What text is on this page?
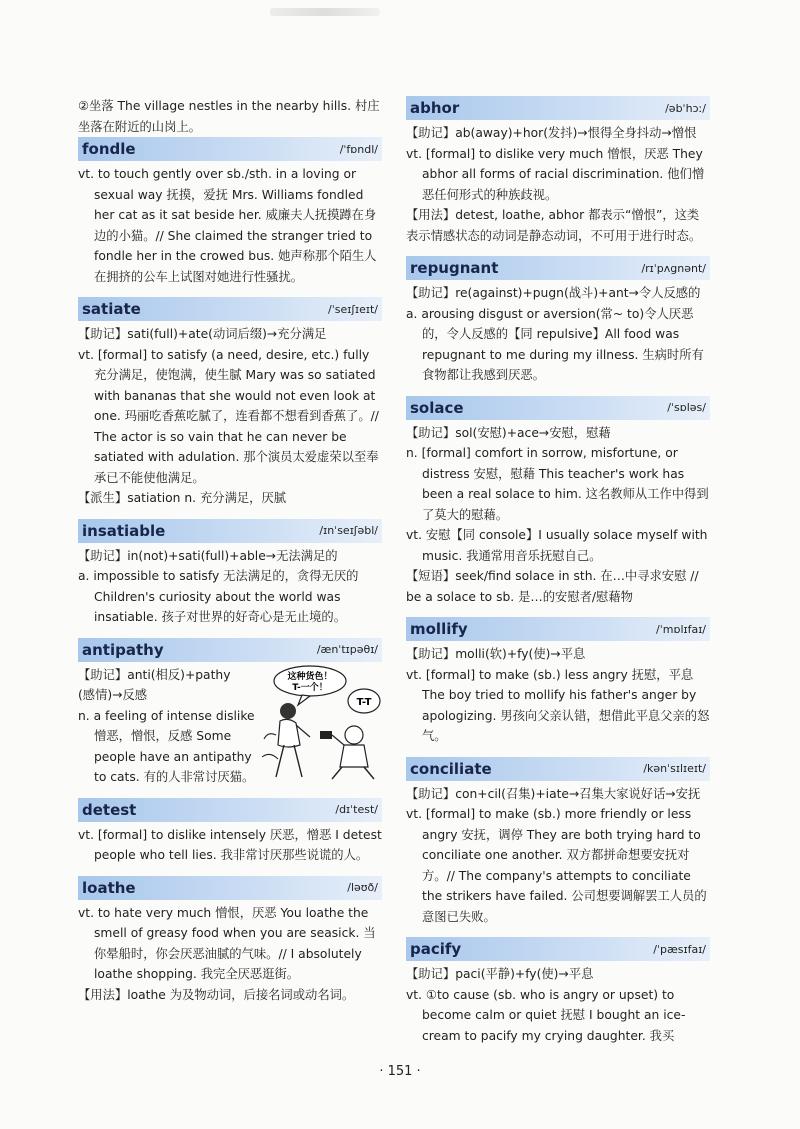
②坐落 The village nestles in the nearby hills. 村庄坐落在附近的山岗上。

fondle	/ˈfɒndl/

vt. to touch gently over sb./sth. in a loving or sexual way 抚摸，爱抚 Mrs. Williams fondled her cat as it sat beside her. 威廉夫人抚摸蹲在身边的小猫。// She claimed the stranger tried to fondle her in the crowed bus. 她声称那个陌生人在拥挤的公车上试图对她进行性骚扰。

satiate	/ˈseɪʃɪeɪt/

【助记】sati(full)+ate(动词后缀)→充分满足

vt. [formal] to satisfy (a need, desire, etc.) fully 充分满足，使饱满，使生腻 Mary was so satiated with bananas that she would not even look at one. 玛丽吃香蕉吃腻了，连看都不想看到香蕉了。// The actor is so vain that he can never be satiated with adulation. 那个演员太爱虚荣以至奉承已不能使他满足。

【派生】satiation n. 充分满足，厌腻

insatiable	/ɪnˈseɪʃəbl/

【助记】in(not)+sati(full)+able→无法满足的

a. impossible to satisfy 无法满足的，贪得无厌的 Children's curiosity about the world was insatiable. 孩子对世界的好奇心是无止境的。

antipathy	/ænˈtɪpəθɪ/
这种货色！
T-一个！
T-T

【助记】anti(相反)+pathy (感情)→反感

n. a feeling of intense dislike 憎恶，憎恨，反感 Some people have an antipathy to cats. 有的人非常讨厌猫。

detest	/dɪˈtest/

vt. [formal] to dislike intensely 厌恶，憎恶 I detest people who tell lies. 我非常讨厌那些说谎的人。

loathe	/ləʊð/

vt. to hate very much 憎恨，厌恶 You loathe the smell of greasy food when you are seasick. 当你晕船时，你会厌恶油腻的气味。// I absolutely loathe shopping. 我完全厌恶逛街。

【用法】loathe 为及物动词，后接名词或动名词。

abhor	/əbˈhɔː/

【助记】ab(away)+hor(发抖)→恨得全身抖动→憎恨

vt. [formal] to dislike very much 憎恨，厌恶 They abhor all forms of racial discrimination. 他们憎恶任何形式的种族歧视。

【用法】detest, loathe, abhor 都表示“憎恨”，这类表示情感状态的动词是静态动词，不可用于进行时态。

repugnant	/rɪˈpʌgnənt/

【助记】re(against)+pugn(战斗)+ant→令人反感的

a. arousing disgust or aversion(常~ to)令人厌恶的，令人反感的【同 repulsive】All food was repugnant to me during my illness. 生病时所有食物都让我感到厌恶。

solace	/ˈsɒləs/

【助记】sol(安慰)+ace→安慰，慰藉

n. [formal] comfort in sorrow, misfortune, or distress 安慰，慰藉 This teacher's work has been a real solace to him. 这名教师从工作中得到了莫大的慰藉。

vt. 安慰【同 console】I usually solace myself with music. 我通常用音乐抚慰自己。

【短语】seek/find solace in sth. 在…中寻求安慰 // be a solace to sb. 是…的安慰者/慰藉物

mollify	/ˈmɒlɪfaɪ/

【助记】molli(软)+fy(使)→平息

vt. [formal] to make (sb.) less angry 抚慰，平息 The boy tried to mollify his father's anger by apologizing. 男孩向父亲认错，想借此平息父亲的怒气。

conciliate	/kənˈsɪlɪeɪt/

【助记】con+cil(召集)+iate→召集大家说好话→安抚

vt. [formal] to make (sb.) more friendly or less angry 安抚，调停 They are both trying hard to conciliate one another. 双方都拼命想要安抚对方。// The company's attempts to conciliate the strikers have failed. 公司想要调解罢工人员的意图已失败。

pacify	/ˈpæsɪfaɪ/

【助记】paci(平静)+fy(使)→平息

vt. ①to cause (sb. who is angry or upset) to become calm or quiet 抚慰 I bought an ice-cream to pacify my crying daughter. 我买

· 151 ·
